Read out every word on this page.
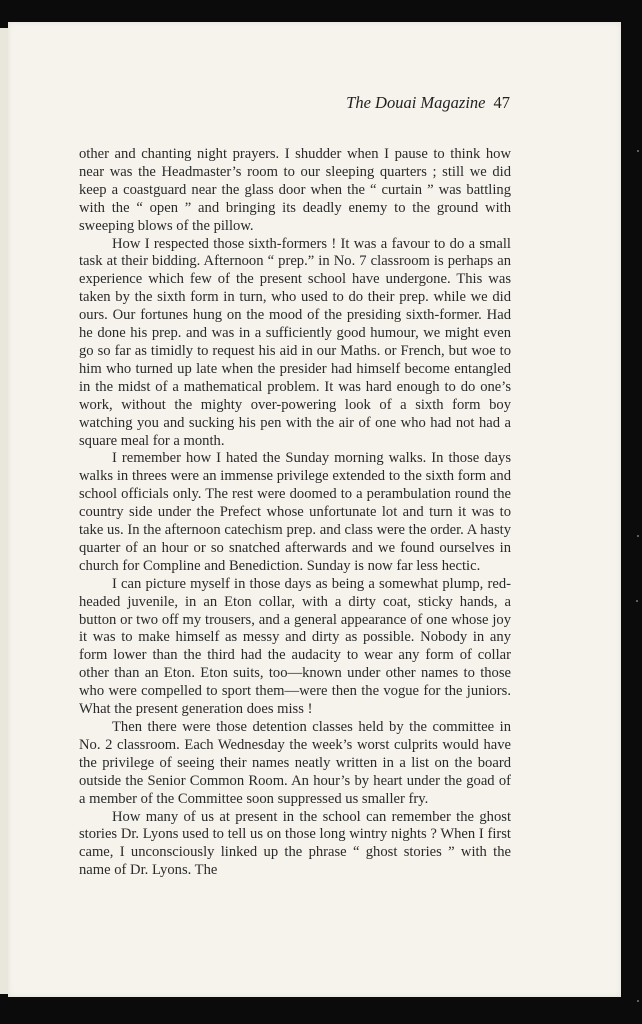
The Douai Magazine 47

other and chanting night prayers. I shudder when I pause to think how near was the Headmaster’s room to our sleeping quarters ; still we did keep a coastguard near the glass door when the “ curtain ” was battling with the “ open ” and bringing its deadly enemy to the ground with sweeping blows of the pillow.

How I respected those sixth-formers ! It was a favour to do a small task at their bidding. Afternoon “ prep.” in No. 7 classroom is perhaps an experience which few of the present school have undergone. This was taken by the sixth form in turn, who used to do their prep. while we did ours. Our fortunes hung on the mood of the presiding sixth-former. Had he done his prep. and was in a sufficiently good humour, we might even go so far as timidly to request his aid in our Maths. or French, but woe to him who turned up late when the presider had himself become entangled in the midst of a mathematical problem. It was hard enough to do one’s work, without the mighty over-powering look of a sixth form boy watching you and sucking his pen with the air of one who had not had a square meal for a month.

I remember how I hated the Sunday morning walks. In those days walks in threes were an immense privilege extended to the sixth form and school officials only. The rest were doomed to a perambulation round the country side under the Prefect whose unfortunate lot and turn it was to take us. In the afternoon catechism prep. and class were the order. A hasty quarter of an hour or so snatched afterwards and we found ourselves in church for Compline and Benediction. Sunday is now far less hectic.

I can picture myself in those days as being a somewhat plump, red-headed juvenile, in an Eton collar, with a dirty coat, sticky hands, a button or two off my trousers, and a general appearance of one whose joy it was to make himself as messy and dirty as possible. Nobody in any form lower than the third had the audacity to wear any form of collar other than an Eton. Eton suits, too—known under other names to those who were compelled to sport them—were then the vogue for the juniors. What the present generation does miss !

Then there were those detention classes held by the committee in No. 2 classroom. Each Wednesday the week’s worst culprits would have the privilege of seeing their names neatly written in a list on the board outside the Senior Common Room. An hour’s by heart under the goad of a member of the Committee soon suppressed us smaller fry.

How many of us at present in the school can remember the ghost stories Dr. Lyons used to tell us on those long wintry nights ? When I first came, I unconsciously linked up the phrase “ ghost stories ” with the name of Dr. Lyons. The
